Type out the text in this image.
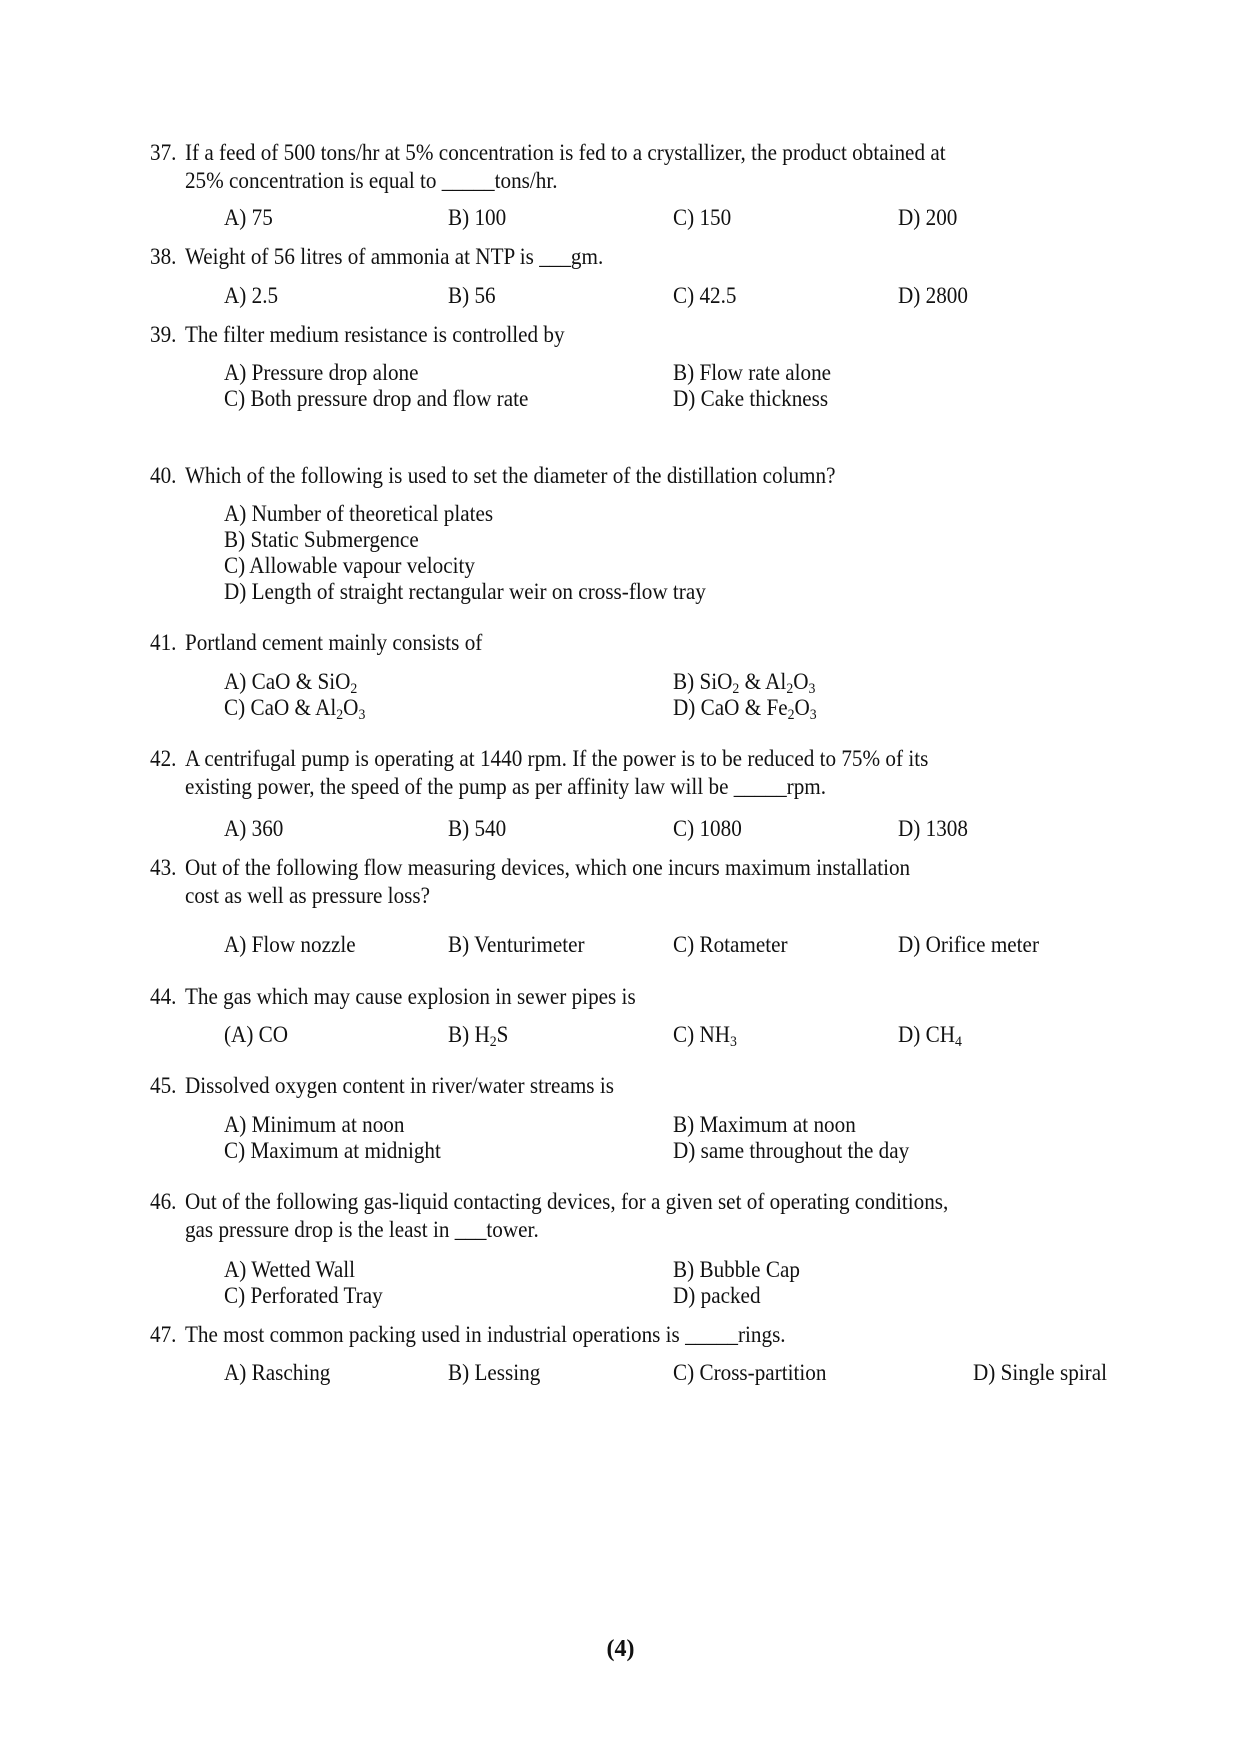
37. If a feed of 500 tons/hr at 5% concentration is fed to a crystallizer, the product obtained at
25% concentration is equal to _____tons/hr.
A) 75	B) 100	C) 150	D) 200
38. Weight of 56 litres of ammonia at NTP is ___gm.
A) 2.5	B) 56	C) 42.5	D) 2800
39. The filter medium resistance is controlled by
A) Pressure drop alone	B) Flow rate alone
C) Both pressure drop and flow rate	D) Cake thickness
40. Which of the following is used to set the diameter of the distillation column?
A) Number of theoretical plates
B) Static Submergence
C) Allowable vapour velocity
D) Length of straight rectangular weir on cross-flow tray
41. Portland cement mainly consists of
A) CaO & SiO$_2$	B) SiO$_2$ & $Al_2O_3$
C) CaO & $Al_2O_3$	D) CaO & $Fe_2O_3$
42. A centrifugal pump is operating at 1440 rpm. If the power is to be reduced to 75% of its
existing power, the speed of the pump as per affinity law will be _____rpm.
A) 360	B) 540	C) 1080	D) 1308
43. Out of the following flow measuring devices, which one incurs maximum installation
cost as well as pressure loss?
A) Flow nozzle	B) Venturimeter	C) Rotameter	D) Orifice meter
44. The gas which may cause explosion in sewer pipes is
(A) CO	B) $H_2S$	C) $NH_3$	D) $CH_4$
45. Dissolved oxygen content in river/water streams is
A) Minimum at noon	B) Maximum at noon
C) Maximum at midnight	D) same throughout the day
46. Out of the following gas-liquid contacting devices, for a given set of operating conditions,
gas pressure drop is the least in ___tower.
A) Wetted Wall	B) Bubble Cap
C) Perforated Tray	D) packed
47. The most common packing used in industrial operations is _____rings.
A) Rasching	B) Lessing	C) Cross-partition	D) Single spiral
(4)
